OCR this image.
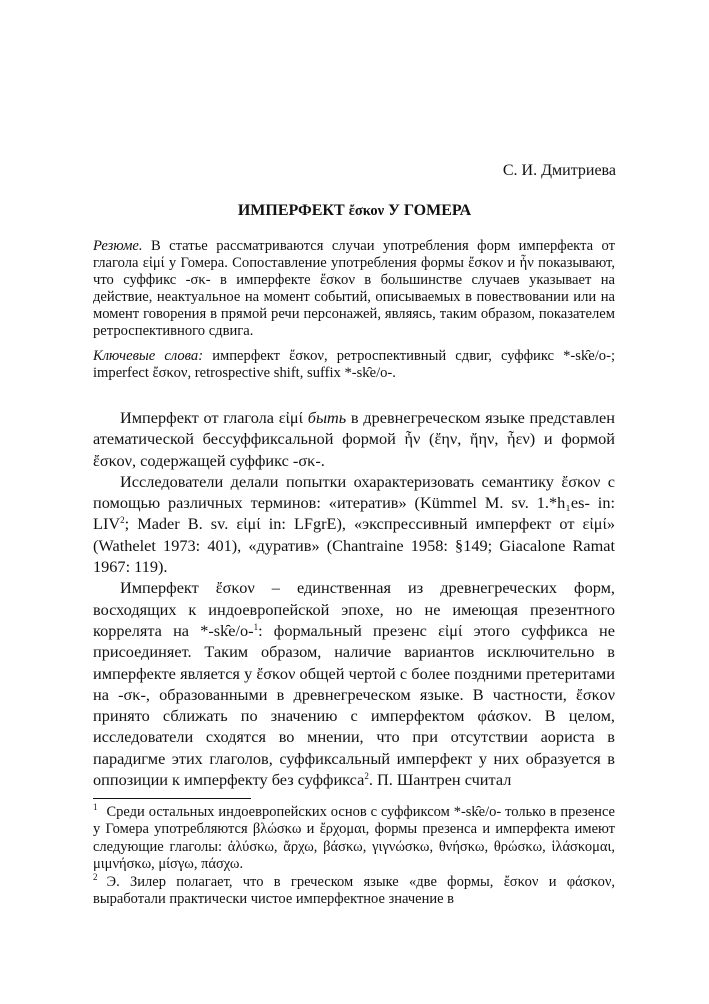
С. И. Дмитриева
ИМПЕРФЕКТ ἔσκον У ГОМЕРА

Резюме. В статье рассматриваются случаи употребления форм имперфекта от глагола εἰμί у Гомера. Сопоставление употребления формы ἔσκον и ἦν показывают, что суффикс -σκ- в имперфекте ἔσκον в большинстве случаев указывает на действие, неактуальное на момент событий, описываемых в повествовании или на момент говорения в прямой речи персонажей, являясь, таким образом, показателем ретроспективного сдвига.

Ключевые слова: имперфект ἔσκον, ретроспективный сдвиг, суффикс *-sk̑e/o-; imperfect ἔσκον, retrospective shift, suffix *-sk̑e/o-.

Имперфект от глагола εἰμί быть в древнегреческом языке представлен атематической бессуффиксальной формой ἦν (ἔην, ἤην, ἦεν) и формой ἔσκον, содержащей суффикс -σκ-.

Исследователи делали попытки охарактеризовать семантику ἔσκον с помощью различных терминов: «итератив» (Kümmel M. sv. 1.*h₁es- in: LIV$^2$; Mader B. sv. εἰμί in: LFgrE), «экспрессивный имперфект от εἰμί» (Wathelet 1973: 401), «дуратив» (Chantraine 1958: §149; Giacalone Ramat 1967: 119).

Имперфект ἔσκον – единственная из древнегреческих форм, восходящих к индоевропейской эпохе, но не имеющая презентного коррелята на *-sk̑e/o-$^1$: формальный презенс εἰμί этого суффикса не присоединяет. Таким образом, наличие вариантов исключительно в имперфекте является у ἔσκον общей чертой с более поздними претеритами на -σκ-, образованными в древнегреческом языке. В частности, ἔσκον принято сближать по значению с имперфектом φάσκον. В целом, исследователи сходятся во мнении, что при отсутствии аориста в парадигме этих глаголов, суффиксальный имперфект у них образуется в оппозиции к имперфекту без суффикса$^2$. П. Шантрен считал

$^1$ Среди остальных индоевропейских основ с суффиксом *-sk̑e/o- только в презенсе у Гомера употребляются βλώσκω и ἔρχομαι, формы презенса и имперфекта имеют следующие глаголы: ἀλύσκω, ἄρχω, βάσκω, γιγνώσκω, θνήσκω, θρώσκω, ἱλάσκομαι, μιμνήσκω, μίσγω, πάσχω.

$^2$ Э. Зилер полагает, что в греческом языке «две формы, ἔσκον и φάσκον, выработали практически чистое имперфектное значение в
